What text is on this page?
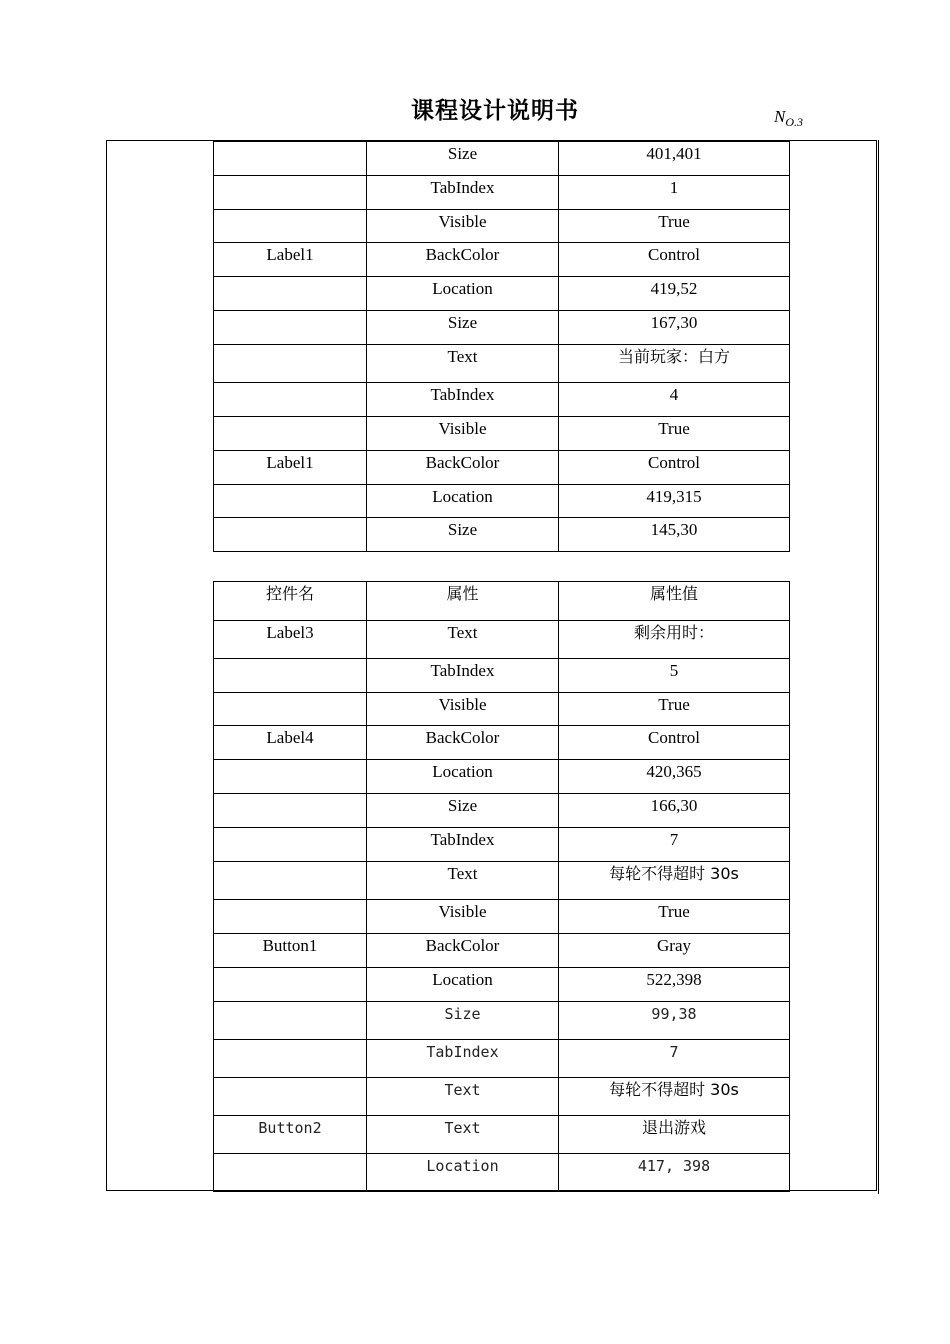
课程设计说明书	$N_{O.3}$
	Size	401,401
	TabIndex	1
	Visible	True
Label1	BackColor	Control
	Location	419,52
	Size	167,30
	Text	当前玩家：白方
	TabIndex	4
	Visible	True
Label1	BackColor	Control
	Location	419,315
	Size	145,30
控件名	属性	属性值
Label3	Text	剩余用时：
	TabIndex	5
	Visible	True
Label4	BackColor	Control
	Location	420,365
	Size	166,30
	TabIndex	7
	Text	每轮不得超时 30s
	Visible	True
Button1	BackColor	Gray
	Location	522,398
	Size	99,38
	TabIndex	7
	Text	每轮不得超时 30s
Button2	Text	退出游戏
	Location	417, 398
